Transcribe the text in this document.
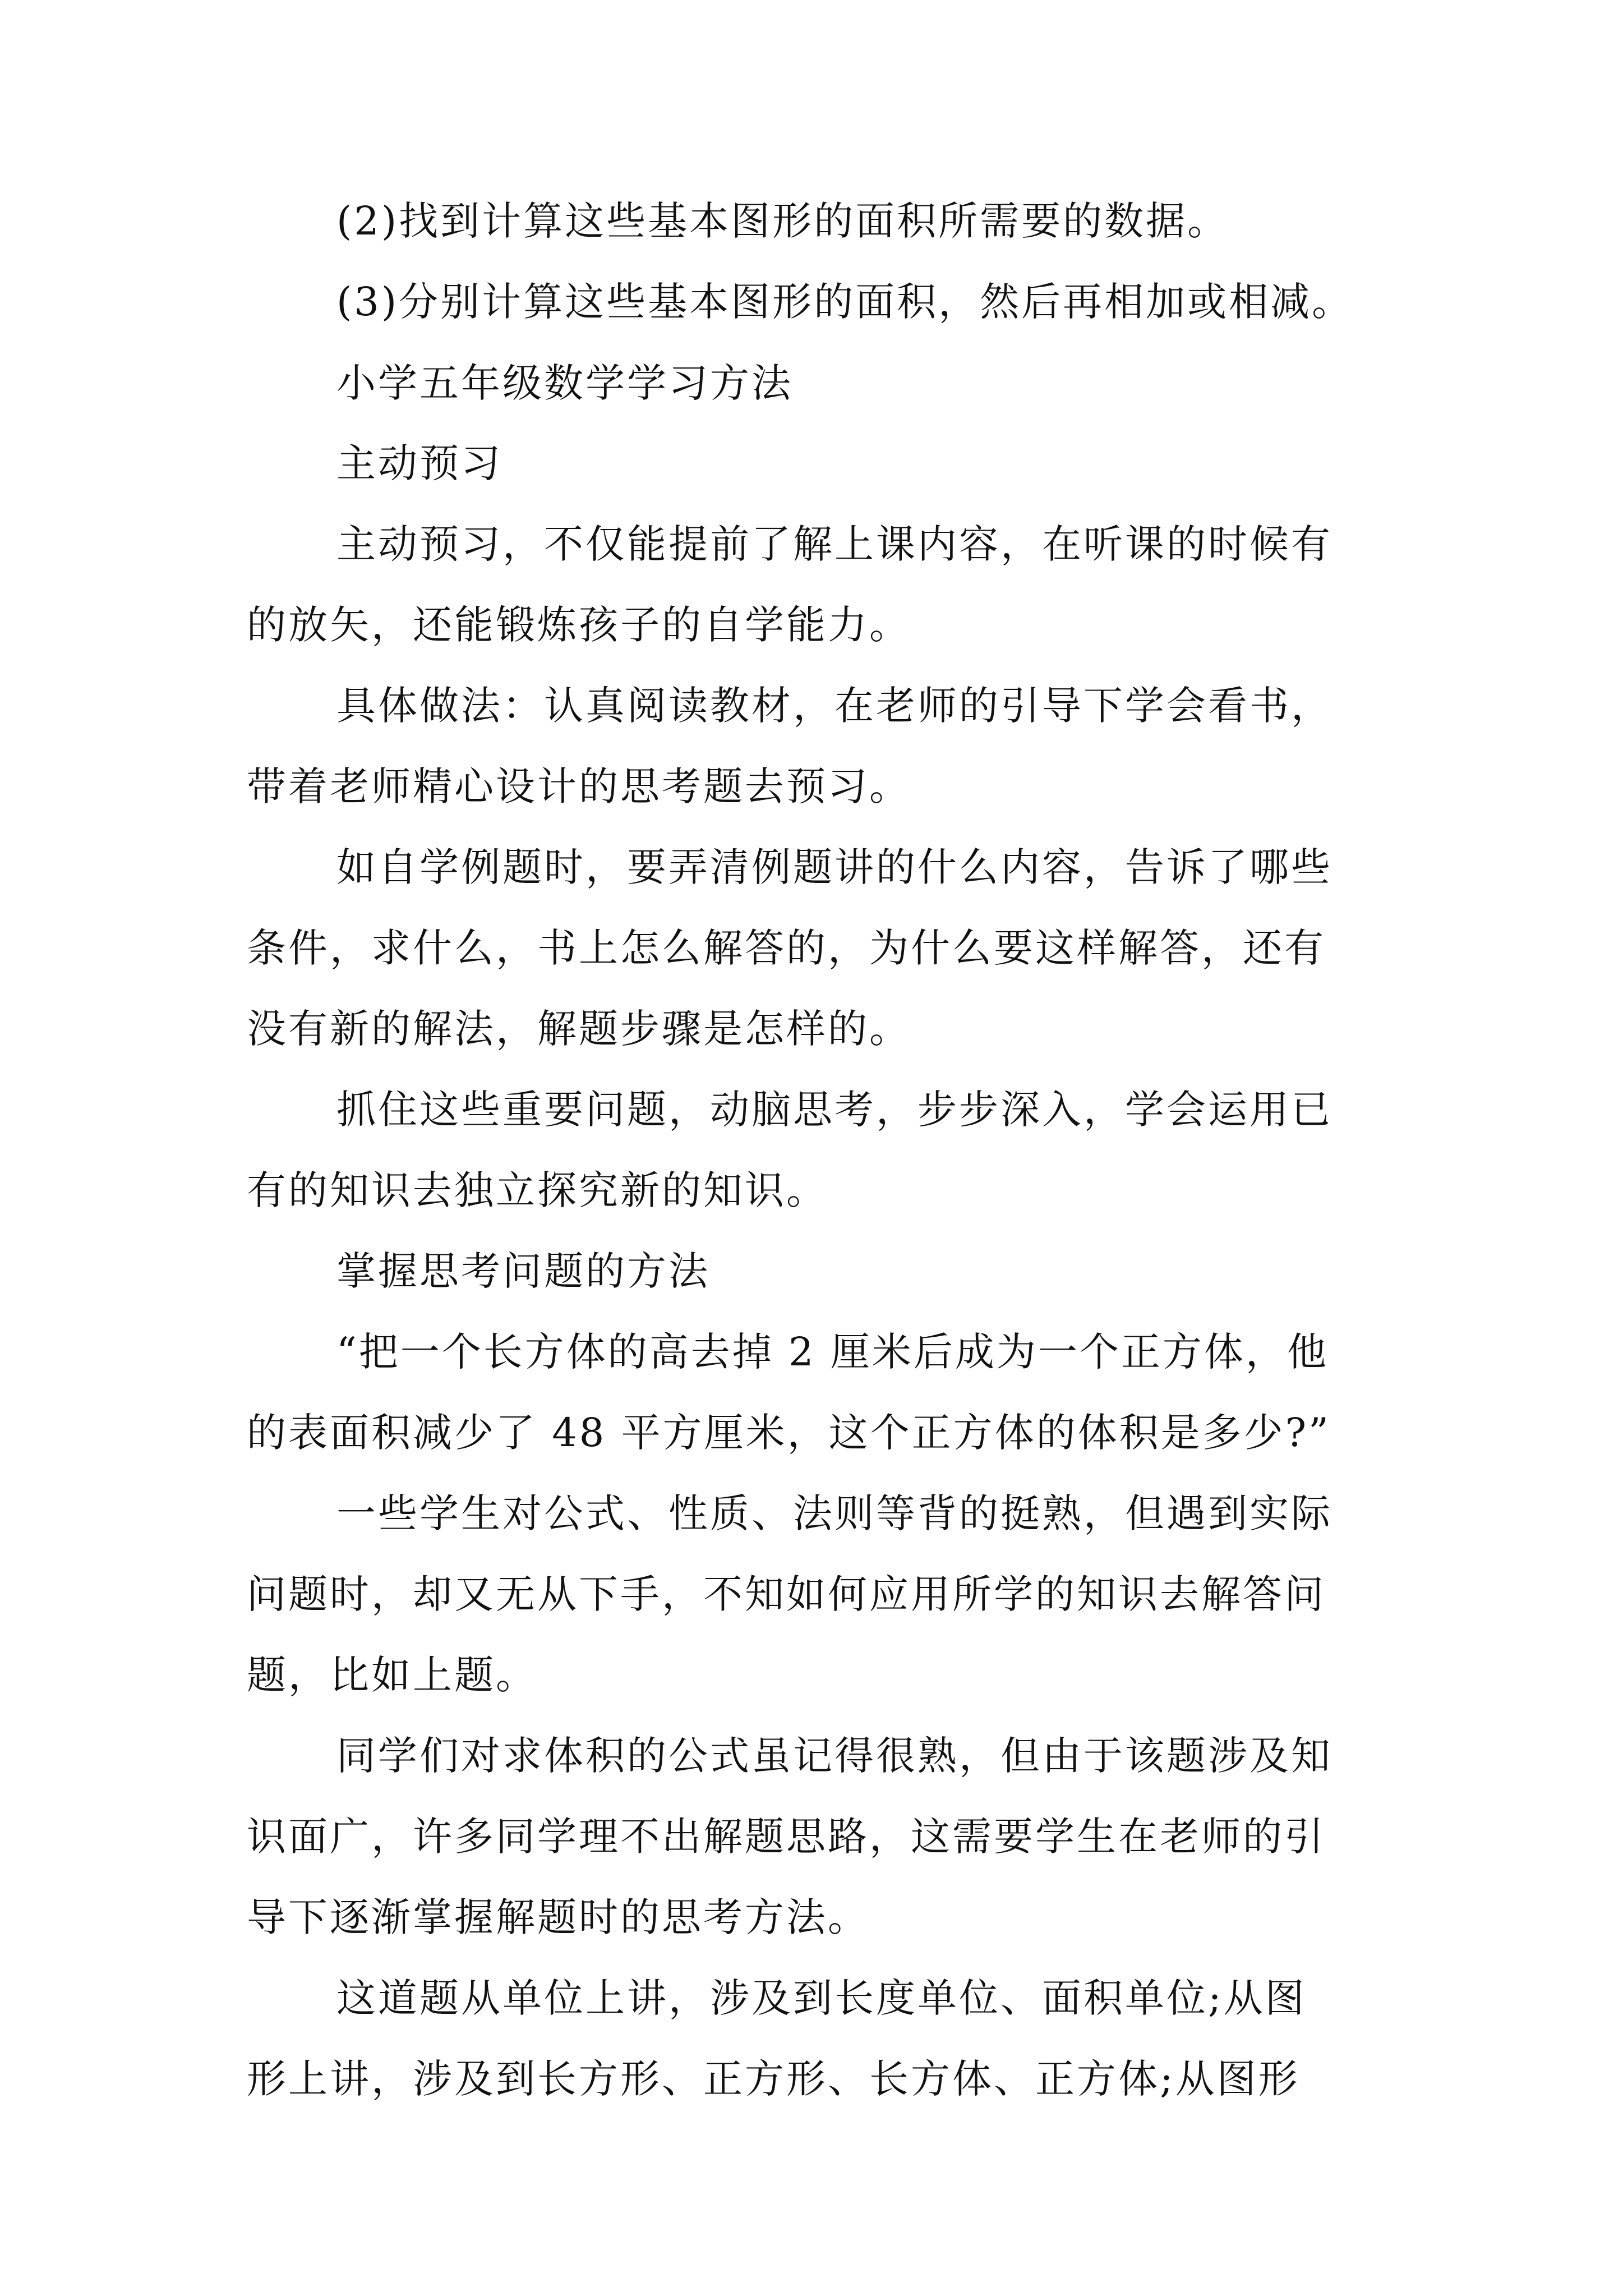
(2)找到计算这些基本图形的面积所需要的数据。
(3)分别计算这些基本图形的面积，然后再相加或相减。
小学五年级数学学习方法
主动预习
主动预习，不仅能提前了解上课内容，在听课的时候有
的放矢，还能锻炼孩子的自学能力。
具体做法：认真阅读教材，在老师的引导下学会看书，
带着老师精心设计的思考题去预习。
如自学例题时，要弄清例题讲的什么内容，告诉了哪些
条件，求什么，书上怎么解答的，为什么要这样解答，还有
没有新的解法，解题步骤是怎样的。
抓住这些重要问题，动脑思考，步步深入，学会运用已
有的知识去独立探究新的知识。
掌握思考问题的方法
“把一个长方体的高去掉 2 厘米后成为一个正方体，他
的表面积减少了 48 平方厘米，这个正方体的体积是多少?”
一些学生对公式、性质、法则等背的挺熟，但遇到实际
问题时，却又无从下手，不知如何应用所学的知识去解答问
题，比如上题。
同学们对求体积的公式虽记得很熟，但由于该题涉及知
识面广，许多同学理不出解题思路，这需要学生在老师的引
导下逐渐掌握解题时的思考方法。
这道题从单位上讲，涉及到长度单位、面积单位;从图
形上讲，涉及到长方形、正方形、长方体、正方体;从图形
